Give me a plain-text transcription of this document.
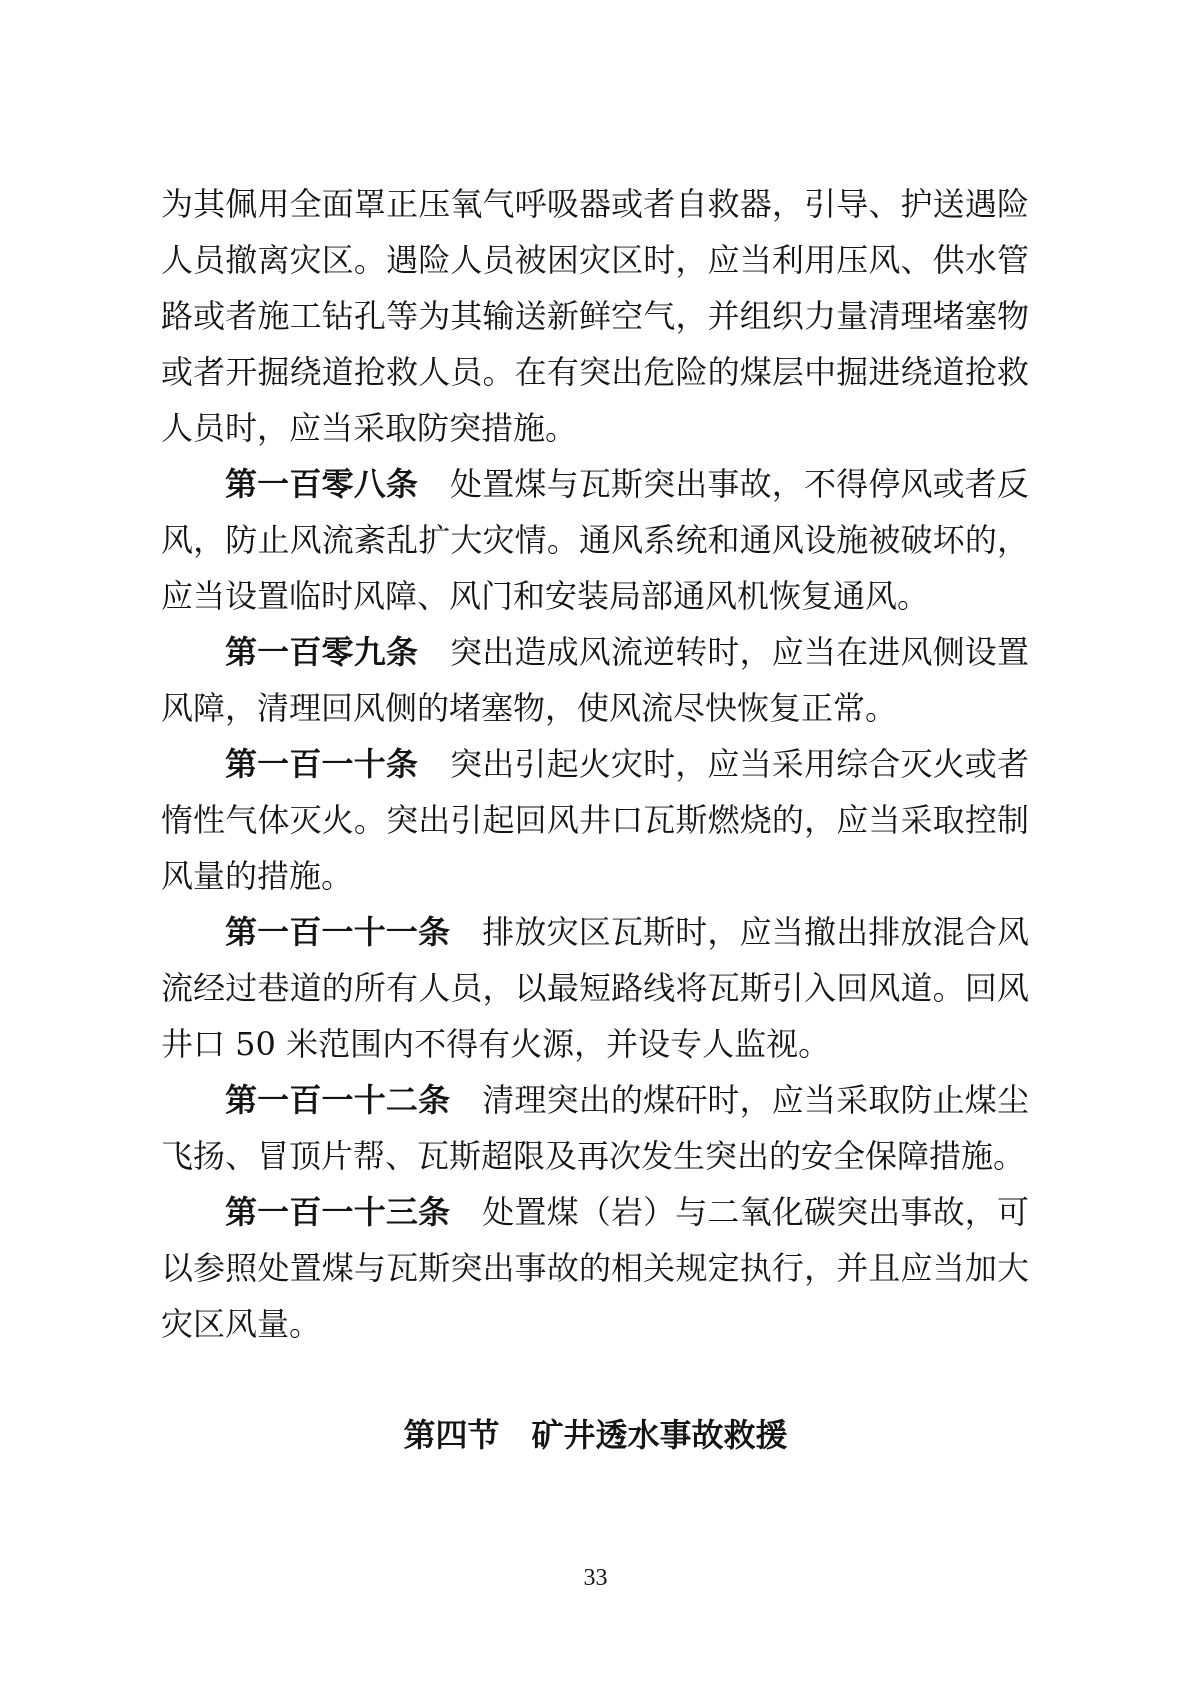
为其佩用全面罩正压氧气呼吸器或者自救器，引导、护送遇险
人员撤离灾区。遇险人员被困灾区时，应当利用压风、供水管
路或者施工钻孔等为其输送新鲜空气，并组织力量清理堵塞物
或者开掘绕道抢救人员。在有突出危险的煤层中掘进绕道抢救
人员时，应当采取防突措施。
第一百零八条 处置煤与瓦斯突出事故，不得停风或者反
风，防止风流紊乱扩大灾情。通风系统和通风设施被破坏的，
应当设置临时风障、风门和安装局部通风机恢复通风。
第一百零九条 突出造成风流逆转时，应当在进风侧设置
风障，清理回风侧的堵塞物，使风流尽快恢复正常。
第一百一十条 突出引起火灾时，应当采用综合灭火或者
惰性气体灭火。突出引起回风井口瓦斯燃烧的，应当采取控制
风量的措施。
第一百一十一条 排放灾区瓦斯时，应当撤出排放混合风
流经过巷道的所有人员，以最短路线将瓦斯引入回风道。回风
井口 50 米范围内不得有火源，并设专人监视。
第一百一十二条 清理突出的煤矸时，应当采取防止煤尘
飞扬、冒顶片帮、瓦斯超限及再次发生突出的安全保障措施。
第一百一十三条 处置煤（岩）与二氧化碳突出事故，可
以参照处置煤与瓦斯突出事故的相关规定执行，并且应当加大
灾区风量。
第四节 矿井透水事故救援
33
